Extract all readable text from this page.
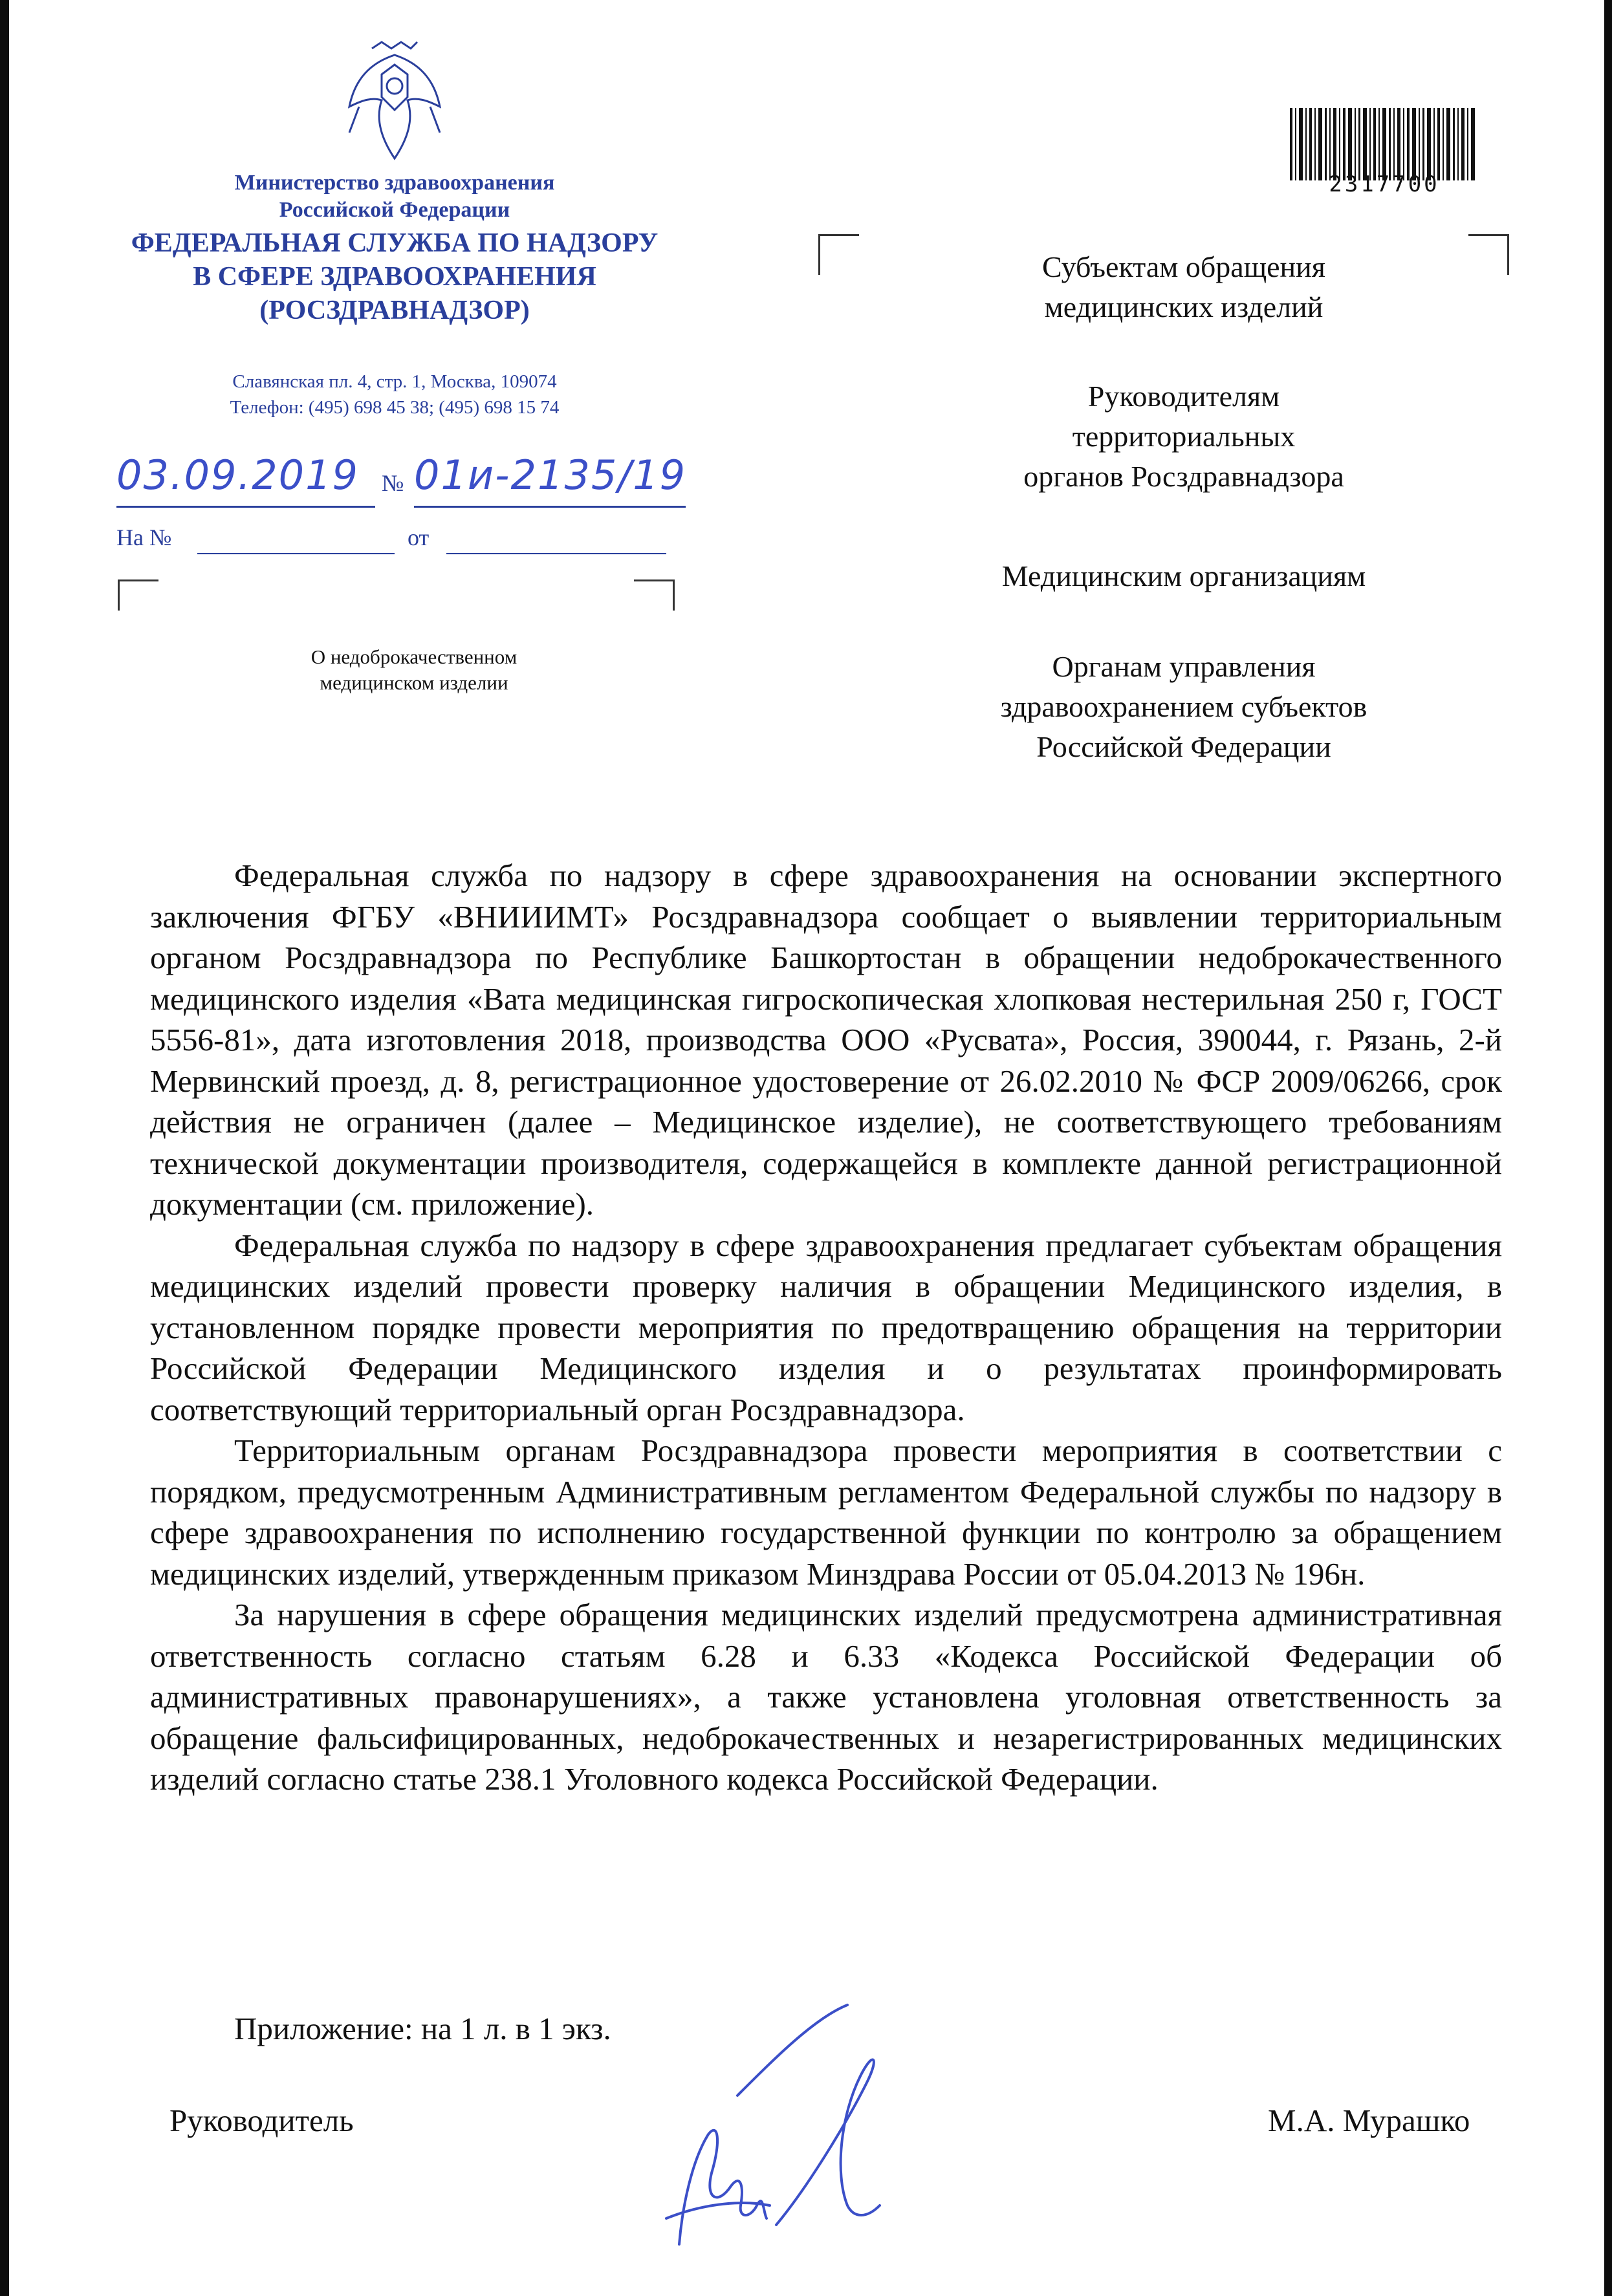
Министерство здравоохранения
Российской Федерации
ФЕДЕРАЛЬНАЯ СЛУЖБА ПО НАДЗОРУ
В СФЕРЕ ЗДРАВООХРАНЕНИЯ
(РОСЗДРАВНАДЗОР)
Славянская пл. 4, стр. 1, Москва, 109074
Телефон: (495) 698 45 38; (495) 698 15 74
03.09.2019 № 01и-2135/19
На №	от
О недоброкачественном
медицинском изделии
2317700
Субъектам обращения
медицинских изделий
Руководителям
территориальных
органов Росздравнадзора
Медицинским организациям
Органам управления
здравоохранением субъектов
Российской Федерации

Федеральная служба по надзору в сфере здравоохранения на основании экспертного заключения ФГБУ «ВНИИИМТ» Росздравнадзора сообщает о выявлении территориальным органом Росздравнадзора по Республике Башкортостан в обращении недоброкачественного медицинского изделия «Вата медицинская гигроскопическая хлопковая нестерильная 250 г, ГОСТ 5556-81», дата изготовления 2018, производства ООО «Русвата», Россия, 390044, г. Рязань, 2-й Мервинский проезд, д. 8, регистрационное удостоверение от 26.02.2010 № ФСР 2009/06266, срок действия не ограничен (далее – Медицинское изделие), не соответствующего требованиям технической документации производителя, содержащейся в комплекте данной регистрационной документации (см. приложение).

Федеральная служба по надзору в сфере здравоохранения предлагает субъектам обращения медицинских изделий провести проверку наличия в обращении Медицинского изделия, в установленном порядке провести мероприятия по предотвращению обращения на территории Российской Федерации Медицинского изделия и о результатах проинформировать соответствующий территориальный орган Росздравнадзора.

Территориальным органам Росздравнадзора провести мероприятия в соответствии с порядком, предусмотренным Административным регламентом Федеральной службы по надзору в сфере здравоохранения по исполнению государственной функции по контролю за обращением медицинских изделий, утвержденным приказом Минздрава России от 05.04.2013 № 196н.

За нарушения в сфере обращения медицинских изделий предусмотрена административная ответственность согласно статьям 6.28 и 6.33 «Кодекса Российской Федерации об административных правонарушениях», а также установлена уголовная ответственность за обращение фальсифицированных, недоброкачественных и незарегистрированных медицинских изделий согласно статье 238.1 Уголовного кодекса Российской Федерации.

Приложение: на 1 л. в 1 экз.
Руководитель	М.А. Мурашко
